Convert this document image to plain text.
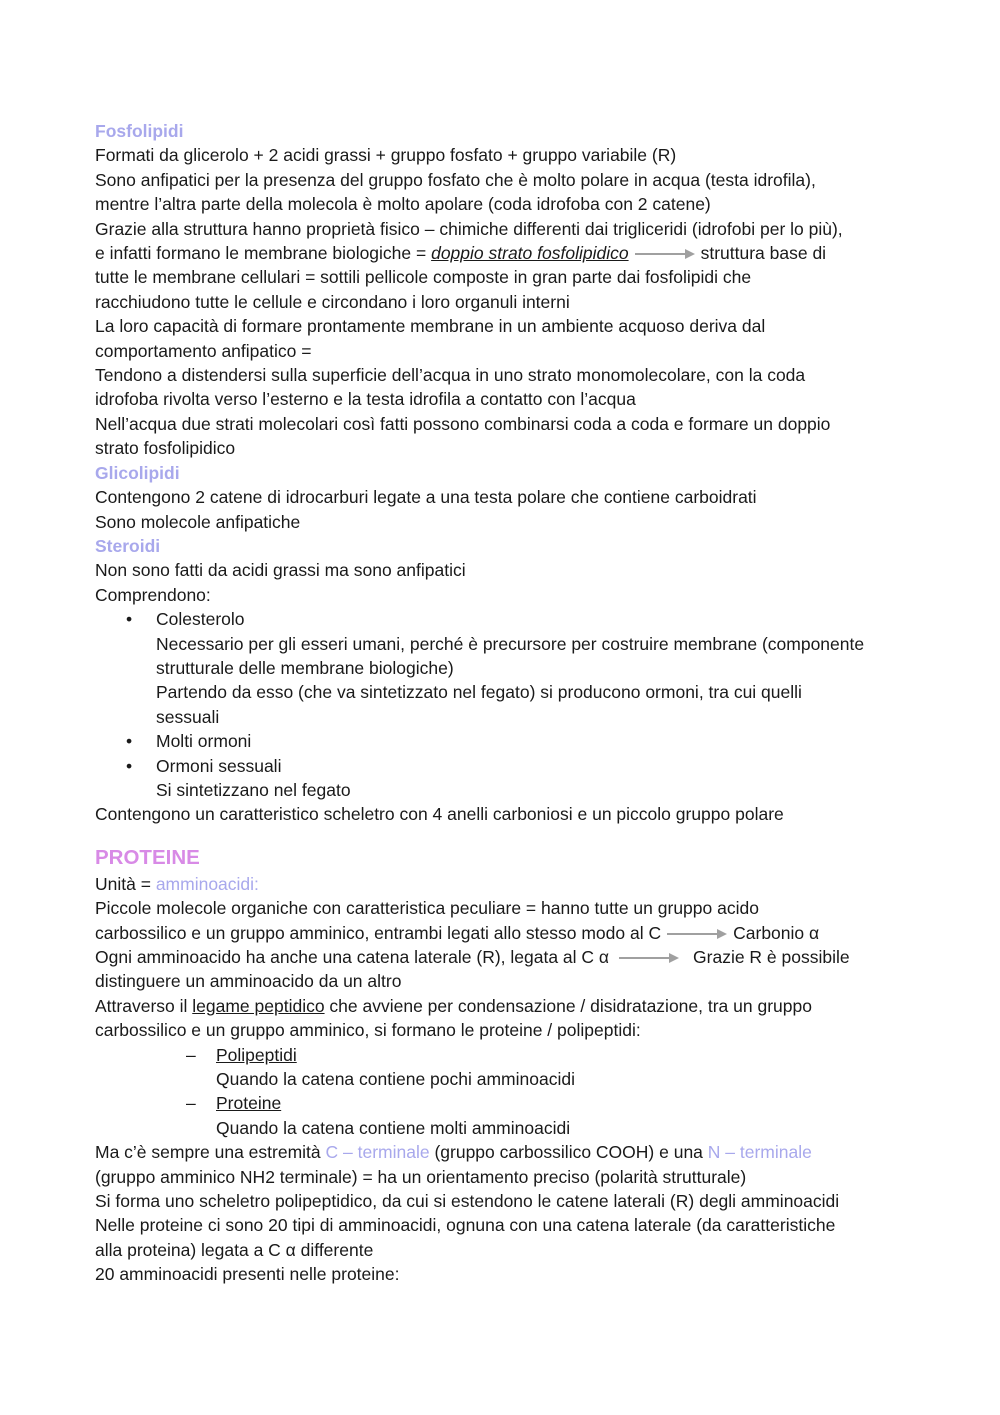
Fosfolipidi
Formati da glicerolo + 2 acidi grassi + gruppo fosfato + gruppo variabile (R)
Sono anfipatici per la presenza del gruppo fosfato che è molto polare in acqua (testa idrofila),
mentre l’altra parte della molecola è molto apolare (coda idrofoba con 2 catene)
Grazie alla struttura hanno proprietà fisico – chimiche differenti dai trigliceridi (idrofobi per lo più),
e infatti formano le membrane biologiche = doppio strato fosfolipidico	struttura base di
tutte le membrane cellulari = sottili pellicole composte in gran parte dai fosfolipidi che
racchiudono tutte le cellule e circondano i loro organuli interni
La loro capacità di formare prontamente membrane in un ambiente acquoso deriva dal
comportamento anfipatico =
Tendono a distendersi sulla superficie dell’acqua in uno strato monomolecolare, con la coda
idrofoba rivolta verso l’esterno e la testa idrofila a contatto con l’acqua
Nell’acqua due strati molecolari così fatti possono combinarsi coda a coda e formare un doppio
strato fosfolipidico
Glicolipidi
Contengono 2 catene di idrocarburi legate a una testa polare che contiene carboidrati
Sono molecole anfipatiche
Steroidi
Non sono fatti da acidi grassi ma sono anfipatici
Comprendono:
• Colesterolo
Necessario per gli esseri umani, perché è precursore per costruire membrane (componente
strutturale delle membrane biologiche)
Partendo da esso (che va sintetizzato nel fegato) si producono ormoni, tra cui quelli
sessuali
• Molti ormoni
• Ormoni sessuali
Si sintetizzano nel fegato
Contengono un caratteristico scheletro con 4 anelli carboniosi e un piccolo gruppo polare
PROTEINE
Unità = amminoacidi:
Piccole molecole organiche con caratteristica peculiare = hanno tutte un gruppo acido
carbossilico e un gruppo amminico, entrambi legati allo stesso modo al C	Carbonio α
Ogni amminoacido ha anche una catena laterale (R), legata al C α	Grazie R è possibile
distinguere un amminoacido da un altro
Attraverso il legame peptidico che avviene per condensazione / disidratazione, tra un gruppo
carbossilico e un gruppo amminico, si formano le proteine / polipeptidi:
– Polipeptidi
Quando la catena contiene pochi amminoacidi
– Proteine
Quando la catena contiene molti amminoacidi
Ma c’è sempre una estremità C – terminale (gruppo carbossilico COOH) e una N – terminale
(gruppo amminico NH2 terminale) = ha un orientamento preciso (polarità strutturale)
Si forma uno scheletro polipeptidico, da cui si estendono le catene laterali (R) degli amminoacidi
Nelle proteine ci sono 20 tipi di amminoacidi, ognuna con una catena laterale (da caratteristiche
alla proteina) legata a C α differente
20 amminoacidi presenti nelle proteine:
